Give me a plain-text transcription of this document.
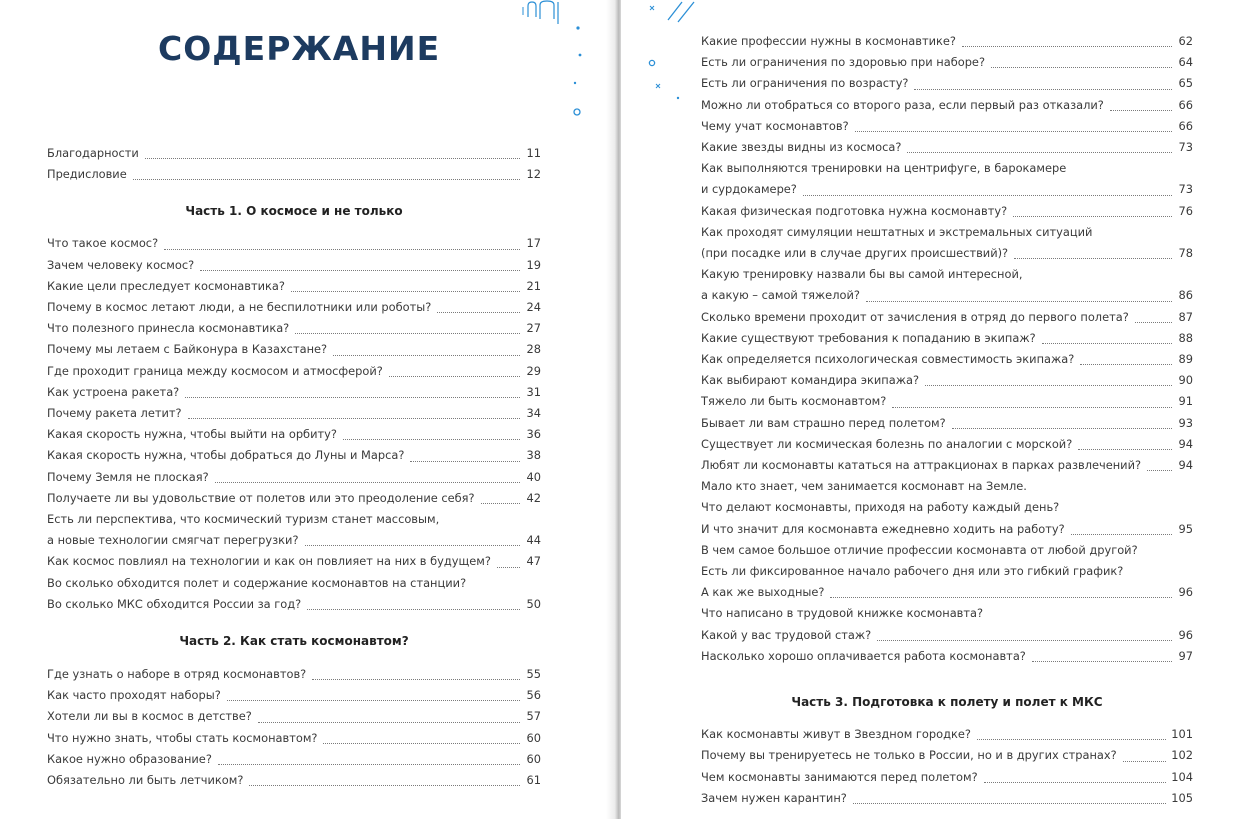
СОДЕРЖАНИЕ
Благодарности	11
Предисловие	12
Часть 1. О космосе и не только
Что такое космос?	17
Зачем человеку космос?	19
Какие цели преследует космонавтика?	21
Почему в космос летают люди, а не беспилотники или роботы?	24
Что полезного принесла космонавтика?	27
Почему мы летаем с Байконура в Казахстане?	28
Где проходит граница между космосом и атмосферой?	29
Как устроена ракета?	31
Почему ракета летит?	34
Какая скорость нужна, чтобы выйти на орбиту?	36
Какая скорость нужна, чтобы добраться до Луны и Марса?	38
Почему Земля не плоская?	40
Получаете ли вы удовольствие от полетов или это преодоление себя?	42
Есть ли перспектива, что космический туризм станет массовым,
а новые технологии смягчат перегрузки?	44
Как космос повлиял на технологии и как он повлияет на них в будущем?	47
Во сколько обходится полет и содержание космонавтов на станции?
Во сколько МКС обходится России за год?	50
Часть 2. Как стать космонавтом?
Где узнать о наборе в отряд космонавтов?	55
Как часто проходят наборы?	56
Хотели ли вы в космос в детстве?	57
Что нужно знать, чтобы стать космонавтом?	60
Какое нужно образование?	60
Обязательно ли быть летчиком?	61
Какие профессии нужны в космонавтике?	62
Есть ли ограничения по здоровью при наборе?	64
Есть ли ограничения по возрасту?	65
Можно ли отобраться со второго раза, если первый раз отказали?	66
Чему учат космонавтов?	66
Какие звезды видны из космоса?	73
Как выполняются тренировки на центрифуге, в барокамере
и сурдокамере?	73
Какая физическая подготовка нужна космонавту?	76
Как проходят симуляции нештатных и экстремальных ситуаций
(при посадке или в случае других происшествий)?	78
Какую тренировку назвали бы вы самой интересной,
а какую – самой тяжелой?	86
Сколько времени проходит от зачисления в отряд до первого полета?	87
Какие существуют требования к попаданию в экипаж?	88
Как определяется психологическая совместимость экипажа?	89
Как выбирают командира экипажа?	90
Тяжело ли быть космонавтом?	91
Бывает ли вам страшно перед полетом?	93
Существует ли космическая болезнь по аналогии с морской?	94
Любят ли космонавты кататься на аттракционах в парках развлечений?	94
Мало кто знает, чем занимается космонавт на Земле.
Что делают космонавты, приходя на работу каждый день?
И что значит для космонавта ежедневно ходить на работу?	95
В чем самое большое отличие профессии космонавта от любой другой?
Есть ли фиксированное начало рабочего дня или это гибкий график?
А как же выходные?	96
Что написано в трудовой книжке космонавта?
Какой у вас трудовой стаж?	96
Насколько хорошо оплачивается работа космонавта?	97
Часть 3. Подготовка к полету и полет к МКС
Как космонавты живут в Звездном городке?	101
Почему вы тренируетесь не только в России, но и в других странах?	102
Чем космонавты занимаются перед полетом?	104
Зачем нужен карантин?	105
